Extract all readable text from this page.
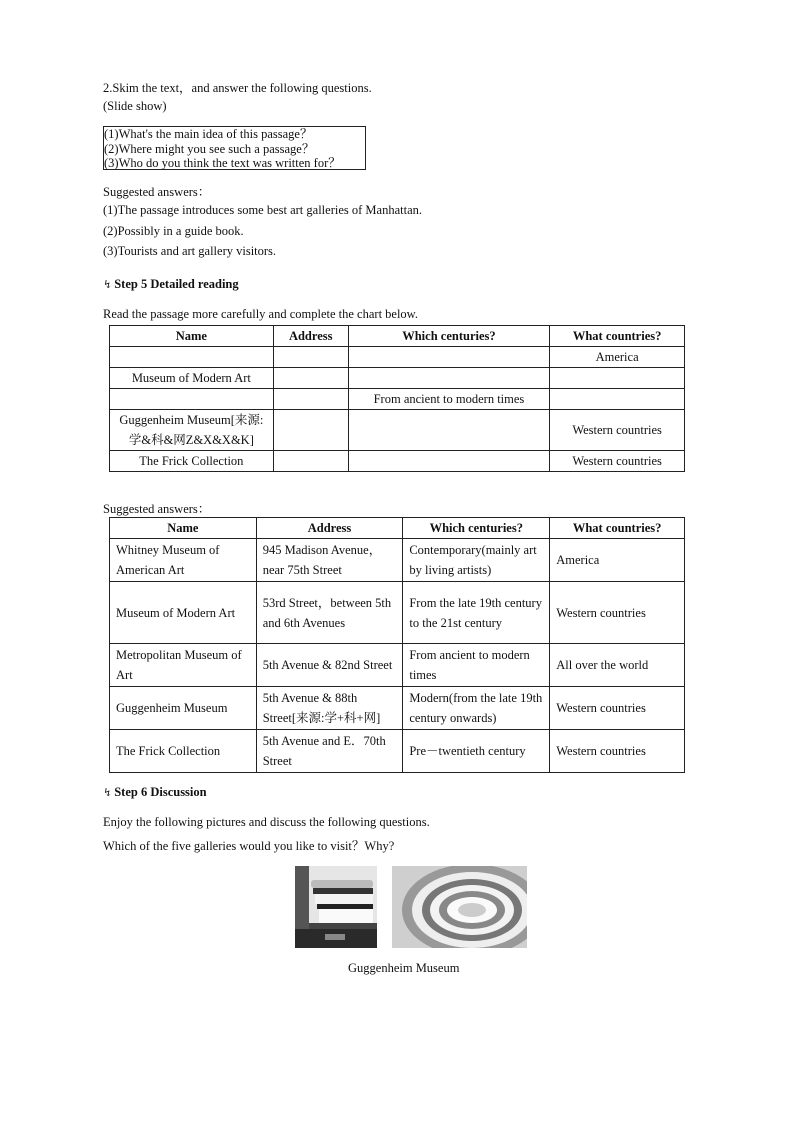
2.Skim the text，and answer the following questions.
(Slide show)
(1)What's the main idea of this passage？
(2)Where might you see such a passage？
(3)Who do you think the text was written for？
Suggested answers：
(1)The passage introduces some best art galleries of Manhattan.
(2)Possibly in a guide book.
(3)Tourists and art gallery visitors.
↯ Step 5 Detailed reading
Read the passage more carefully and complete the chart below.
Name	Address	Which centuries?	What countries?
			America
Museum of Modern Art			
		From ancient to modern times	
Guggenheim Museum[来源:学&科&网Z&X&X&K]			Western countries
The Frick Collection			Western countries
Suggested answers：
Name	Address	Which centuries?	What countries?
Whitney Museum of American Art	945 Madison Avenue，near 75th Street	Contemporary(mainly art by living artists)	America
Museum of Modern Art	53rd Street，between 5th and 6th Avenues	From the late 19th century to the 21st century	Western countries
Metropolitan Museum of Art	5th Avenue & 82nd Street	From ancient to modern times	All over the world
Guggenheim Museum	5th Avenue & 88th Street[来源:学+科+网]	Modern(from the late 19th century onwards)	Western countries
The Frick Collection	5th Avenue and E．70th Street	Pre－twentieth century	Western countries
↯ Step 6 Discussion
Enjoy the following pictures and discuss the following questions.
Which of the five galleries would you like to visit？Why?
Guggenheim Museum
